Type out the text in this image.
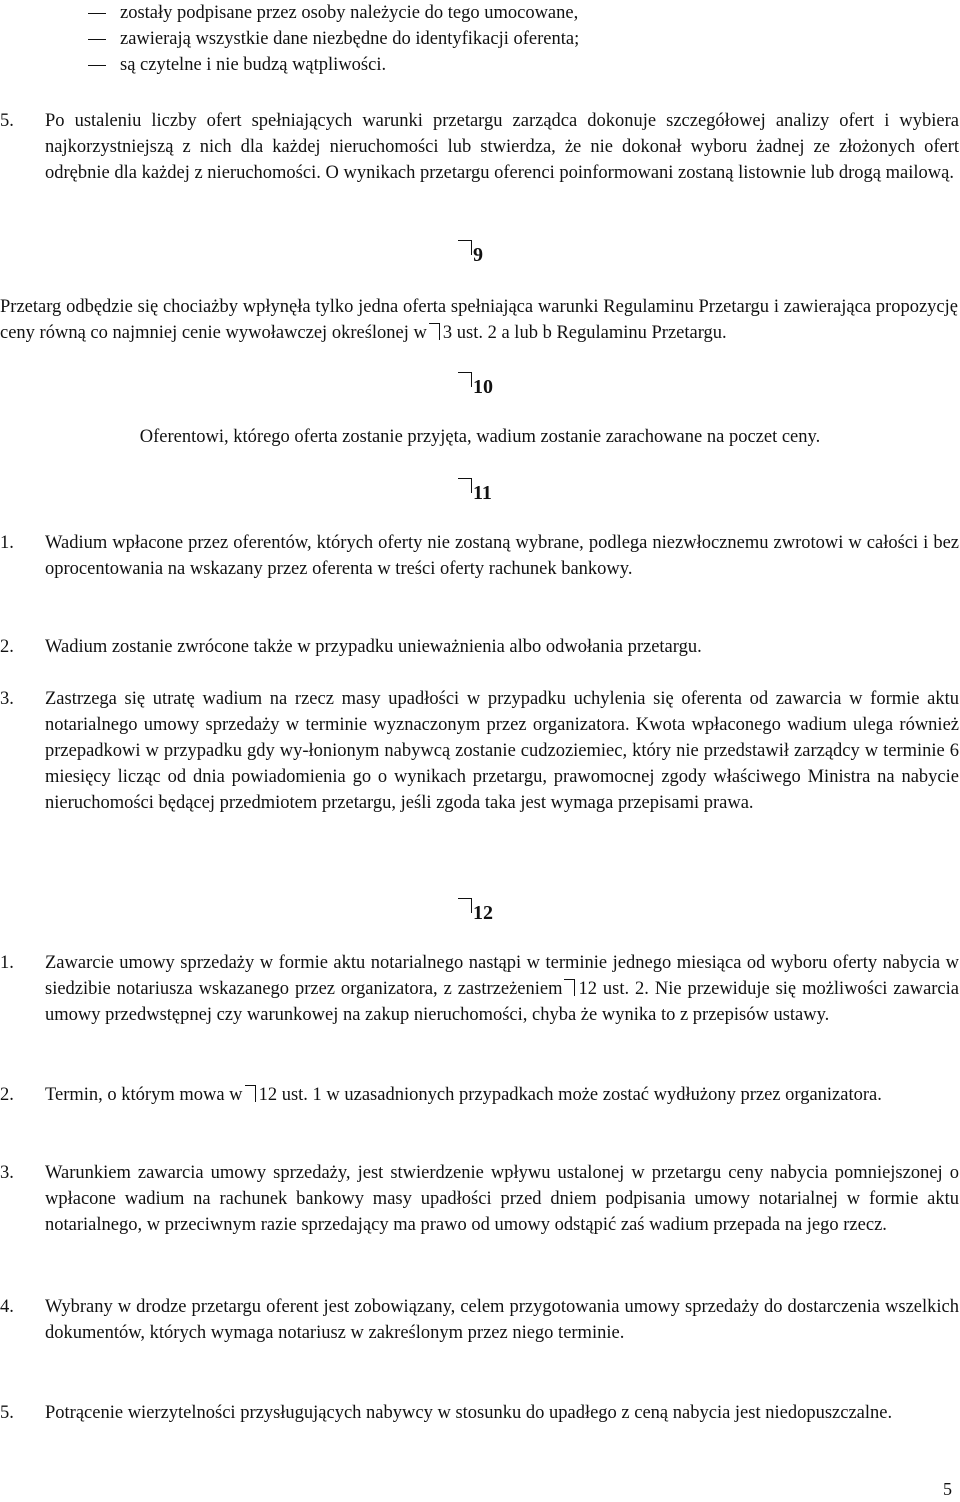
zostały podpisane przez osoby należycie do tego umocowane,
zawierają wszystkie dane niezbędne do identyfikacji oferenta;
są czytelne i nie budzą wątpliwości.
5.	Po ustaleniu liczby ofert spełniających warunki przetargu zarządca dokonuje szczegółowej analizy ofert i wybiera najkorzystniejszą z nich dla każdej nieruchomości lub stwierdza, że nie dokonał wyboru żadnej ze złożonych ofert odrębnie dla każdej z nieruchomości. O wynikach przetargu oferenci poinformowani zostaną listownie lub drogą mailową.
9
Przetarg odbędzie się chociażby wpłynęła tylko jedna oferta spełniająca warunki Regulaminu Przetargu i zawierająca propozycję ceny równą co najmniej cenie wywoławczej określonej w 3 ust. 2 a lub b Regulaminu Przetargu.
10
Oferentowi, którego oferta zostanie przyjęta, wadium zostanie zarachowane na poczet ceny.
11
1.	Wadium wpłacone przez oferentów, których oferty nie zostaną wybrane, podlega niezwłocznemu zwrotowi w całości i bez oprocentowania na wskazany przez oferenta w treści oferty rachunek bankowy.
2.	Wadium zostanie zwrócone także w przypadku unieważnienia albo odwołania przetargu.
3.	Zastrzega się utratę wadium na rzecz masy upadłości w przypadku uchylenia się oferenta od zawarcia w formie aktu notarialnego umowy sprzedaży w terminie wyznaczonym przez organizatora. Kwota wpłaconego wadium ulega również przepadkowi w przypadku gdy wy-łonionym nabywcą zostanie cudzoziemiec, który nie przedstawił zarządcy w terminie 6 miesięcy licząc od dnia powiadomienia go o wynikach przetargu, prawomocnej zgody właściwego Ministra na nabycie nieruchomości będącej przedmiotem przetargu, jeśli zgoda taka jest wymaga przepisami prawa.
12
1.	Zawarcie umowy sprzedaży w formie aktu notarialnego nastąpi w terminie jednego miesiąca od wyboru oferty nabycia w siedzibie notariusza wskazanego przez organizatora, z zastrzeżeniem 12 ust. 2. Nie przewiduje się możliwości zawarcia umowy przedwstępnej czy warunkowej na zakup nieruchomości, chyba że wynika to z przepisów ustawy.
2.	Termin, o którym mowa w 12 ust. 1 w uzasadnionych przypadkach może zostać wydłużony przez organizatora.
3.	Warunkiem zawarcia umowy sprzedaży, jest stwierdzenie wpływu ustalonej w przetargu ceny nabycia pomniejszonej o wpłacone wadium na rachunek bankowy masy upadłości przed dniem podpisania umowy notarialnej w formie aktu notarialnego, w przeciwnym razie sprzedający ma prawo od umowy odstąpić zaś wadium przepada na jego rzecz.
4.	Wybrany w drodze przetargu oferent jest zobowiązany, celem przygotowania umowy sprzedaży do dostarczenia wszelkich dokumentów, których wymaga notariusz w zakreślonym przez niego terminie.
5.	Potrącenie wierzytelności przysługujących nabywcy w stosunku do upadłego z ceną nabycia jest niedopuszczalne.
5
